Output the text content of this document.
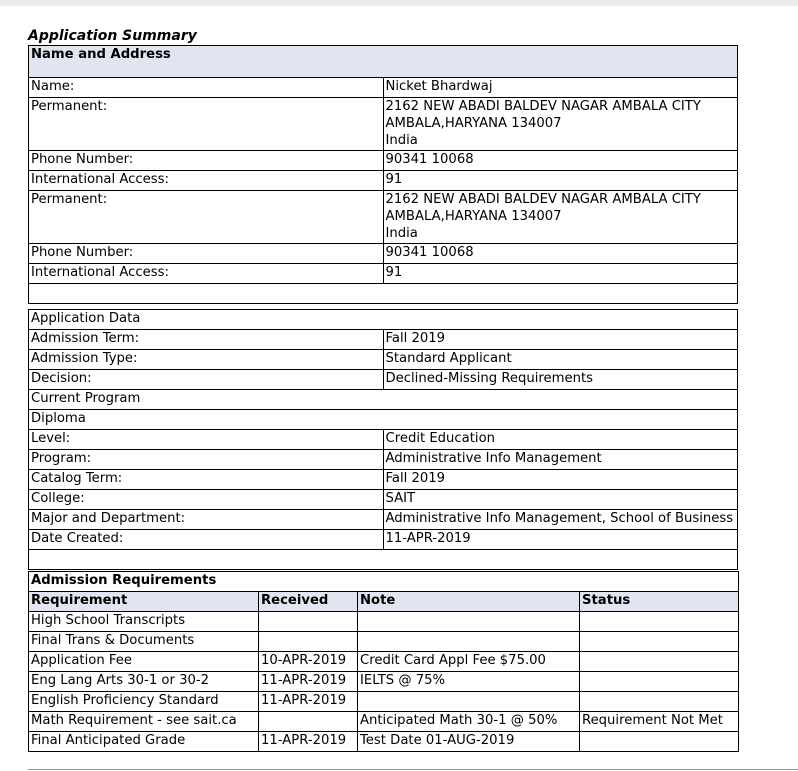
Application Summary
Name and Address	
Name:	Nicket Bhardwaj
Permanent:	2162 NEW ABADI BALDEV NAGAR AMBALA CITY
AMBALA,HARYANA 134007
India

Phone Number:	90341 10068
International Access:	91
Permanent:	2162 NEW ABADI BALDEV NAGAR AMBALA CITY
AMBALA,HARYANA 134007
India

Phone Number:	90341 10068
International Access:	91

Application Data	
Admission Term:	Fall 2019
Admission Type:	Standard Applicant
Decision:	Declined-Missing Requirements
Current Program	
Diploma	
Level:	Credit Education
Program:	Administrative Info Management
Catalog Term:	Fall 2019
College:	SAIT
Major and Department:	Administrative Info Management, School of Business
Date Created:	11-APR-2019

Admission Requirements			
Requirement	Received	Note	Status
High School Transcripts			
Final Trans & Documents			
Application Fee	10-APR-2019	Credit Card Appl Fee $75.00	
Eng Lang Arts 30-1 or 30-2	11-APR-2019	IELTS @ 75%	
English Proficiency Standard	11-APR-2019		
Math Requirement - see sait.ca		Anticipated Math 30-1 @ 50%	Requirement Not Met
Final Anticipated Grade	11-APR-2019	Test Date 01-AUG-2019	
